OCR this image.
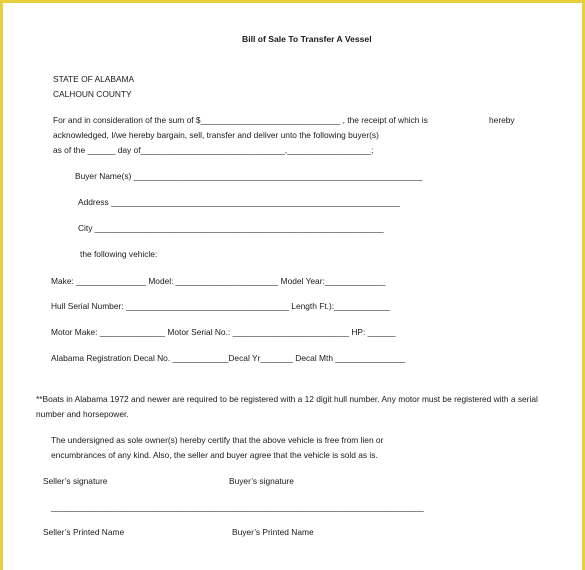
Bill of Sale To Transfer A Vessel
STATE OF ALABAMA
CALHOUN COUNTY
For and in consideration of the sum of $______________________________ , the receipt of which is	hereby
acknowledged, I/we hereby bargain, sell, transfer and deliver unto the following buyer(s)
as of the ______ day of_______________________________,__________________;
Buyer Name(s) ______________________________________________________________
Address ______________________________________________________________
City ______________________________________________________________
the following vehicle:
Make: _______________ Model: ______________________ Model Year:_____________
Hull Serial Number: ___________________________________ Length Ft.):____________
Motor Make: ______________ Motor Serial No.: _________________________ HP: ______
Alabama Registration Decal No. ____________Decal Yr_______ Decal Mth _______________
**Boats in Alabama 1972 and newer are required to be registered with a 12 digit hull number. Any motor must be registered with a serial
number and horsepower.
The undersigned as sole owner(s) hereby certify that the above vehicle is free from lien or
encumbrances of any kind. Also, the seller and buyer agree that the vehicle is sold as is.
Seller’s signature	Buyer’s signature
________________________________________________________________________________
Seller’s Printed Name	Buyer’s Printed Name
